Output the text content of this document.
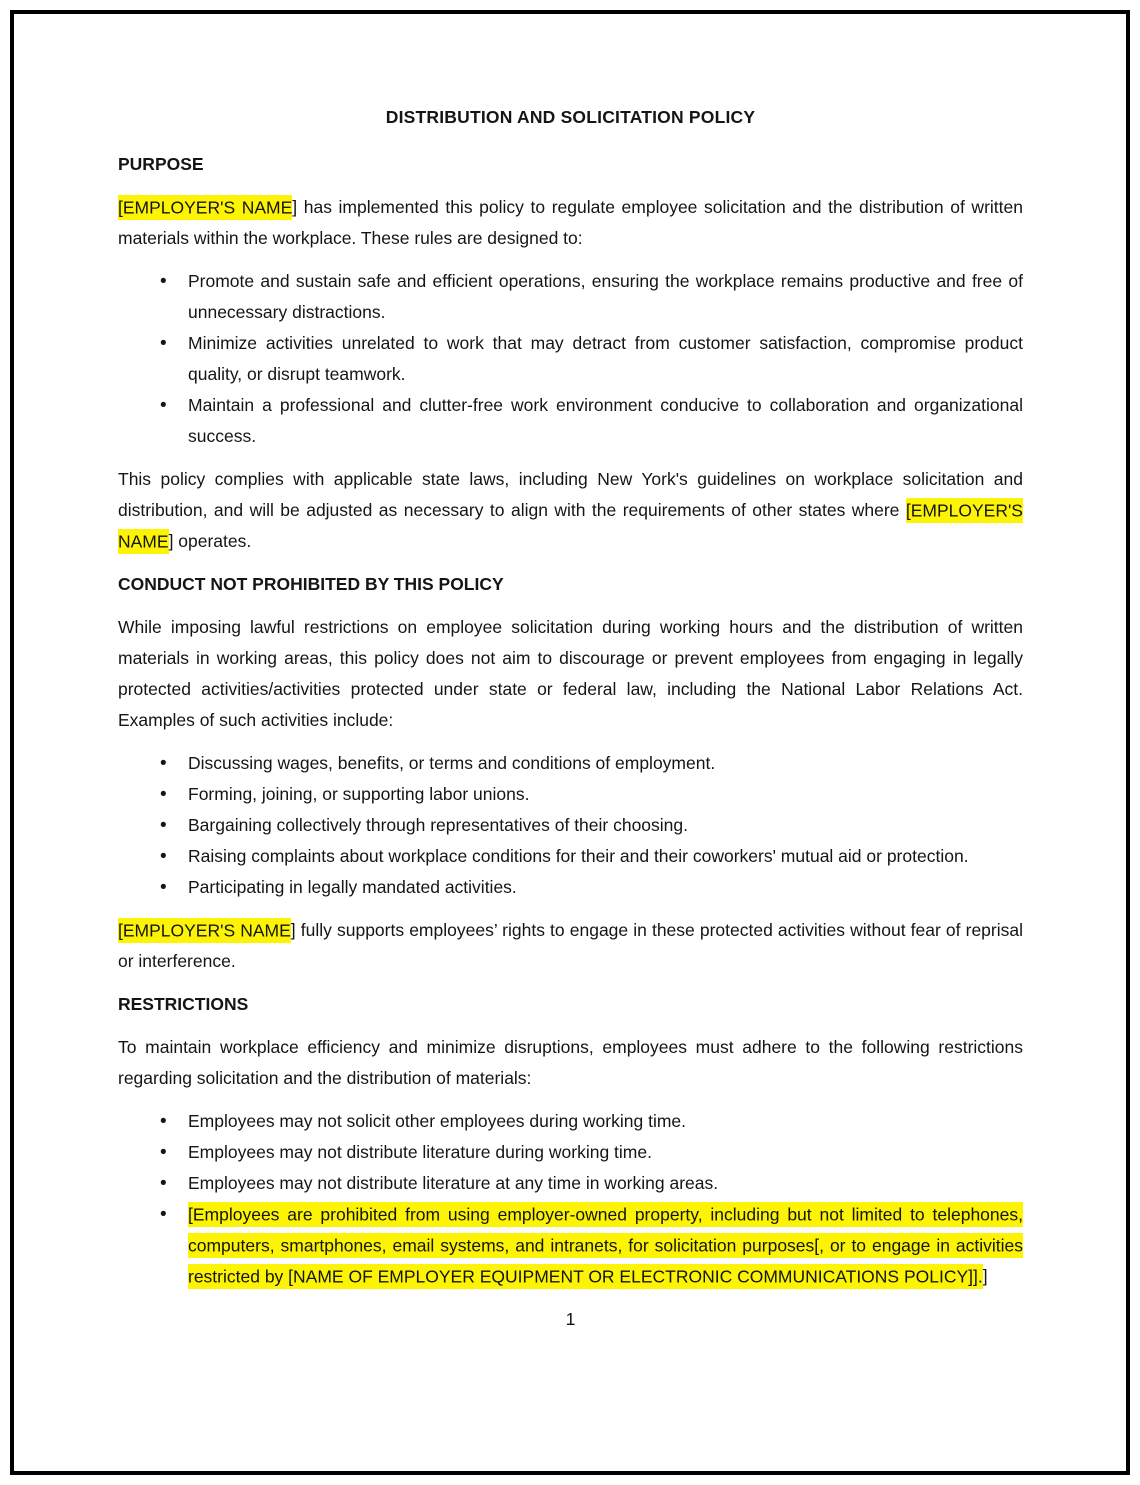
DISTRIBUTION AND SOLICITATION POLICY
PURPOSE

[EMPLOYER'S NAME] has implemented this policy to regulate employee solicitation and the distribution of written materials within the workplace. These rules are designed to:

• Promote and sustain safe and efficient operations, ensuring the workplace remains productive and free of unnecessary distractions.
• Minimize activities unrelated to work that may detract from customer satisfaction, compromise product quality, or disrupt teamwork.
• Maintain a professional and clutter-free work environment conducive to collaboration and organizational success.

This policy complies with applicable state laws, including New York's guidelines on workplace solicitation and distribution, and will be adjusted as necessary to align with the requirements of other states where [EMPLOYER'S NAME] operates.

CONDUCT NOT PROHIBITED BY THIS POLICY

While imposing lawful restrictions on employee solicitation during working hours and the distribution of written materials in working areas, this policy does not aim to discourage or prevent employees from engaging in legally protected activities/activities protected under state or federal law, including the National Labor Relations Act. Examples of such activities include:

• Discussing wages, benefits, or terms and conditions of employment.
• Forming, joining, or supporting labor unions.
• Bargaining collectively through representatives of their choosing.
• Raising complaints about workplace conditions for their and their coworkers' mutual aid or protection.
• Participating in legally mandated activities.

[EMPLOYER'S NAME] fully supports employees’ rights to engage in these protected activities without fear of reprisal or interference.

RESTRICTIONS

To maintain workplace efficiency and minimize disruptions, employees must adhere to the following restrictions regarding solicitation and the distribution of materials:

• Employees may not solicit other employees during working time.
• Employees may not distribute literature during working time.
• Employees may not distribute literature at any time in working areas.
• [Employees are prohibited from using employer-owned property, including but not limited to telephones, computers, smartphones, email systems, and intranets, for solicitation purposes[, or to engage in activities restricted by [NAME OF EMPLOYER EQUIPMENT OR ELECTRONIC COMMUNICATIONS POLICY]].]
1
